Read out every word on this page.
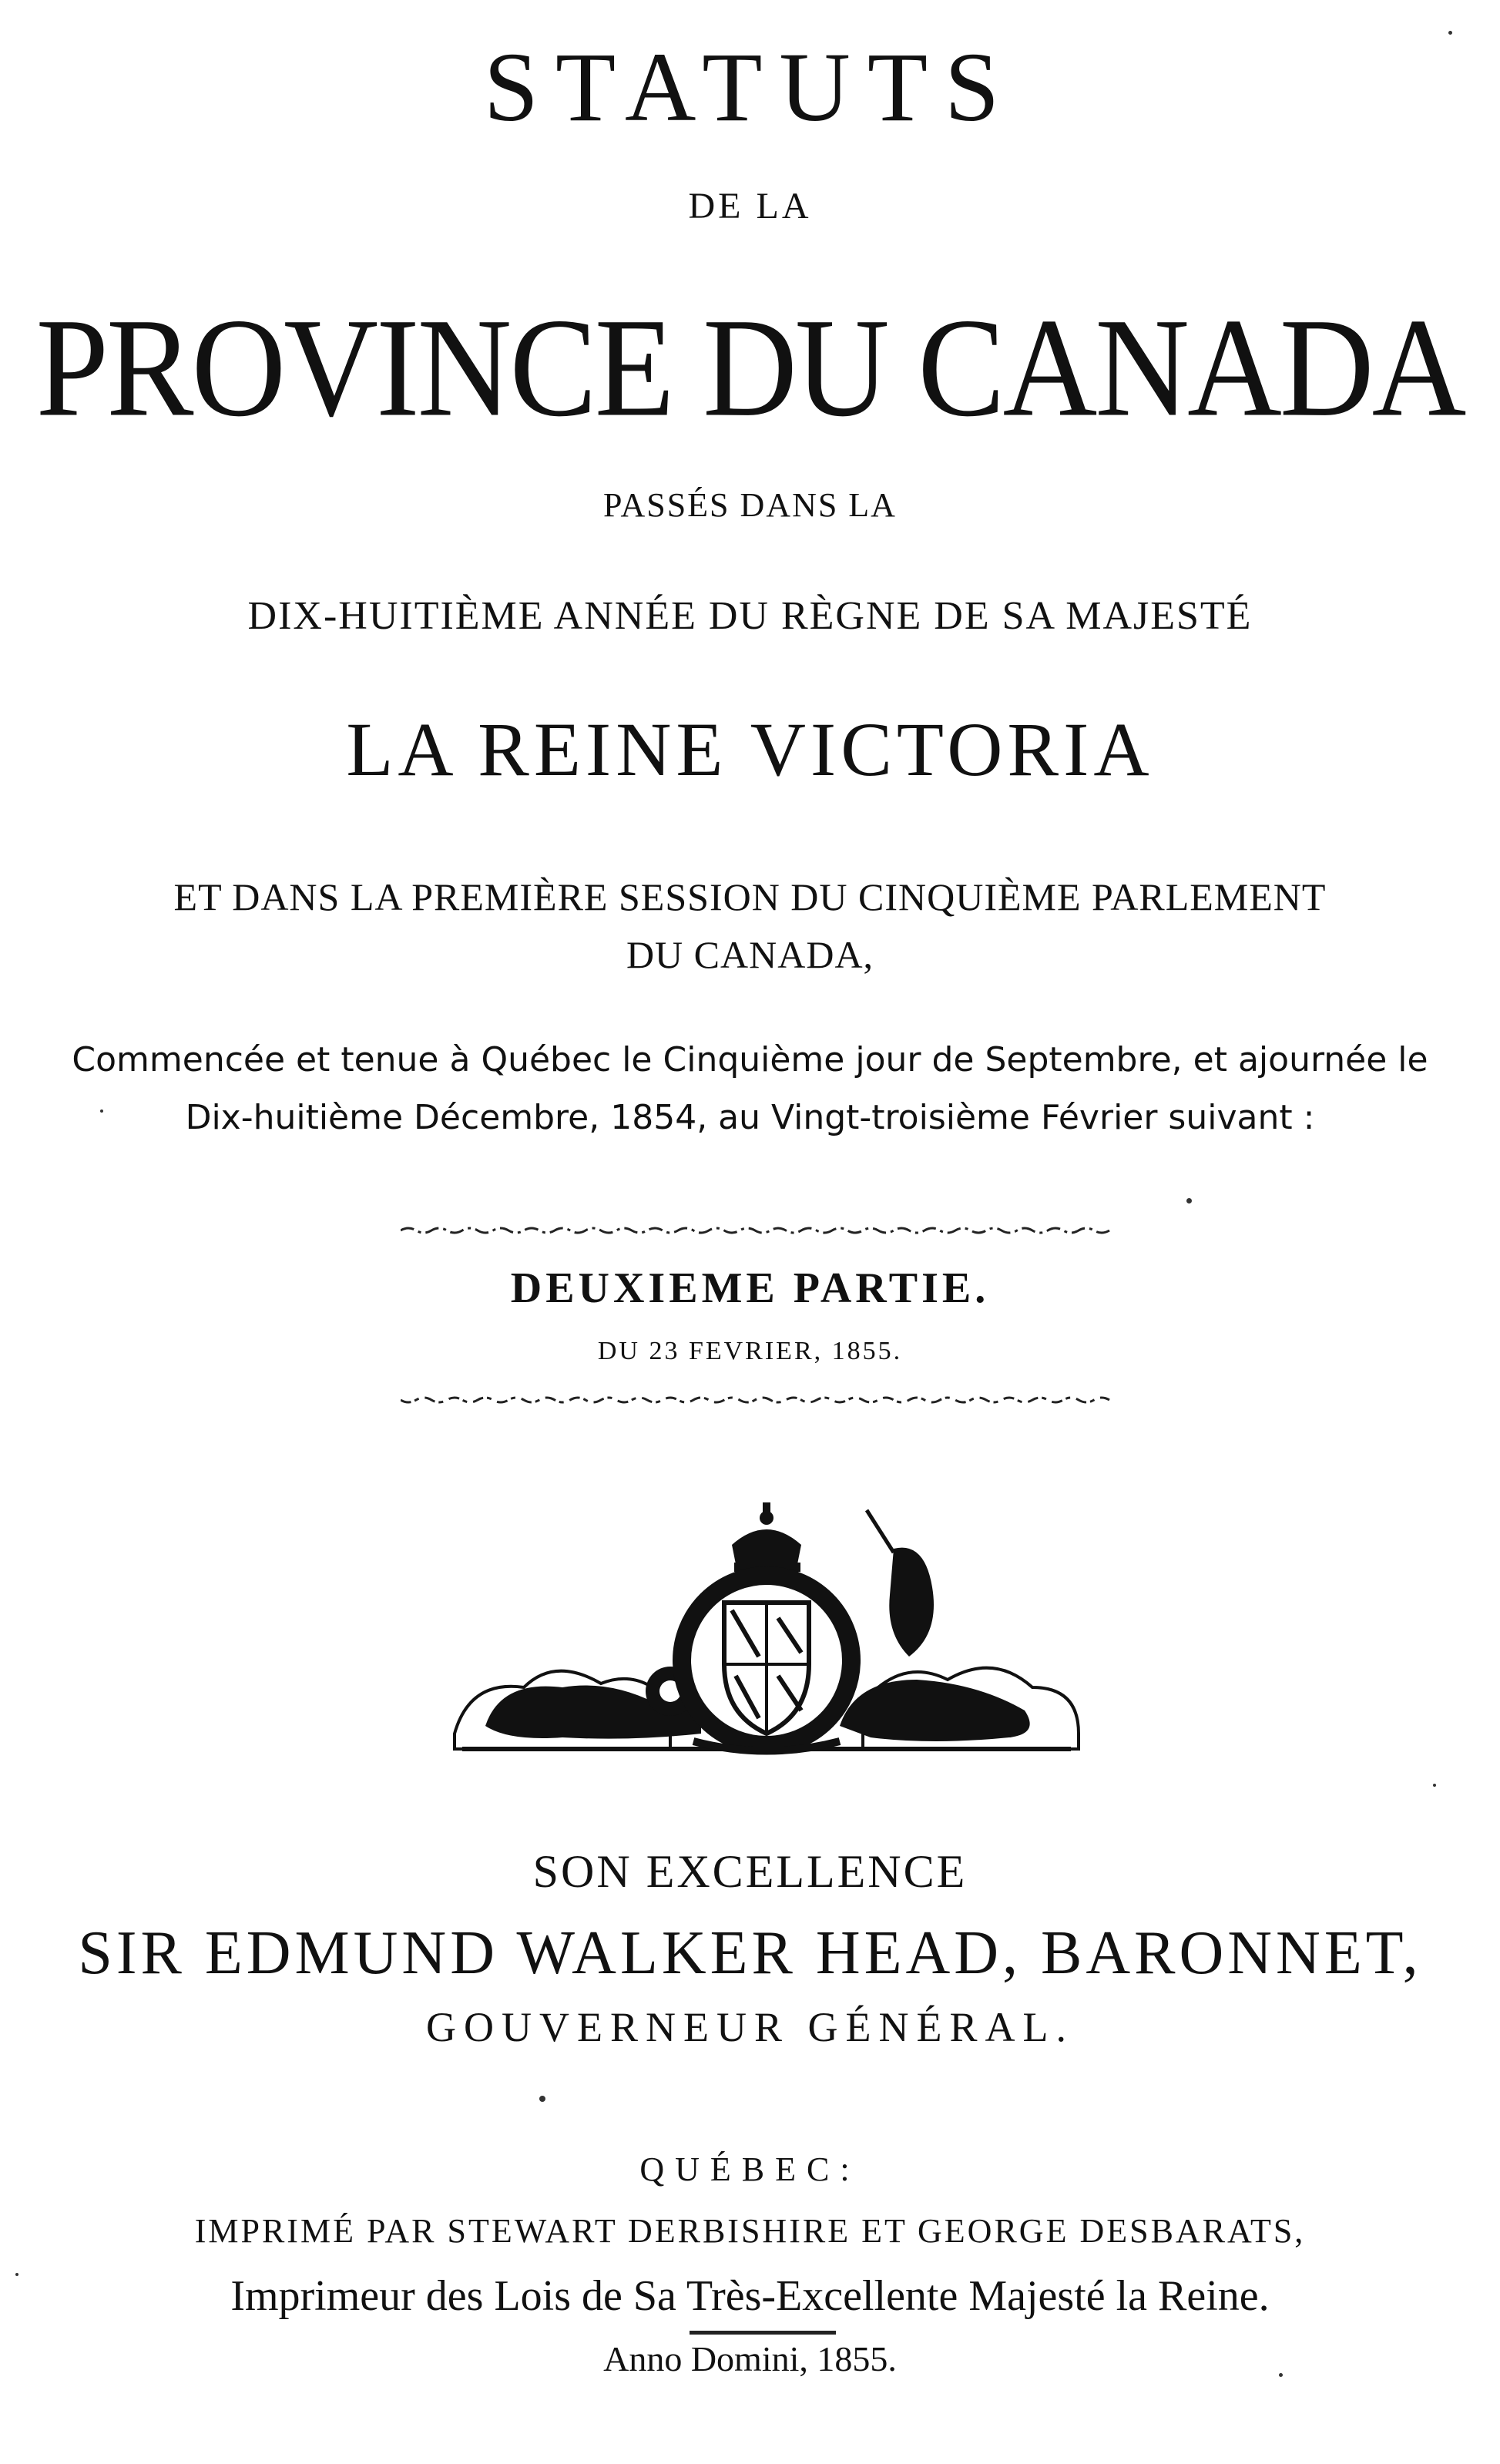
STATUTS
DE LA
PROVINCE DU CANADA
PASSÉS DANS LA
DIX-HUITIÈME ANNÉE DU RÈGNE DE SA MAJESTÉ
LA REINE VICTORIA
ET DANS LA PREMIÈRE SESSION DU CINQUIÈME PARLEMENT
DU CANADA,
Commencée et tenue à Québec le Cinquième jour de Septembre, et ajournée le
Dix-huitième Décembre, 1854, au Vingt-troisième Février suivant :
DEUXIEME PARTIE.
DU 23 FEVRIER, 1855.
SON EXCELLENCE
SIR EDMUND WALKER HEAD, BARONNET,
GOUVERNEUR GÉNÉRAL.
QUÉBEC:
IMPRIMÉ PAR STEWART DERBISHIRE ET GEORGE DESBARATS,
Imprimeur des Lois de Sa Très-Excellente Majesté la Reine.
Anno Domini, 1855.
